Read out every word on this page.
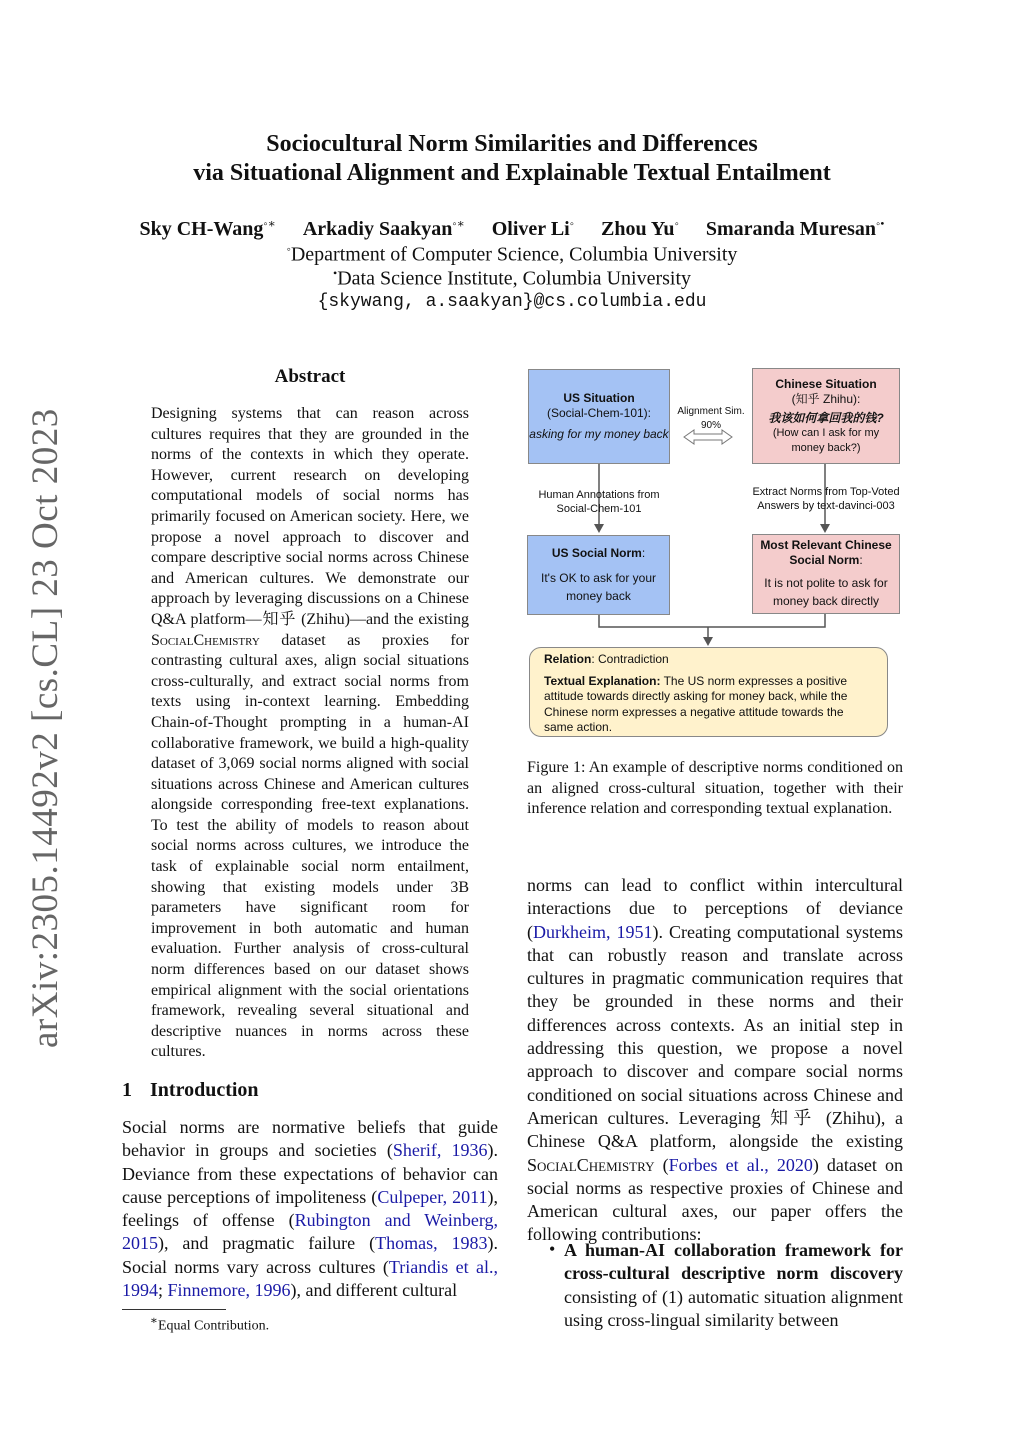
Sociocultural Norm Similarities and Differences
via Situational Alignment and Explainable Textual Entailment
Sky CH-Wang◦∗ Arkadiy Saakyan◦∗ Oliver Li◦ Zhou Yu◦ Smaranda Muresan◦•
◦Department of Computer Science, Columbia University
•Data Science Institute, Columbia University
{skywang, a.saakyan}@cs.columbia.edu
arXiv:2305.14492v2 [cs.CL] 23 Oct 2023
Abstract
Designing systems that can reason across cultures requires that they are grounded in the norms of the contexts in which they operate. However, current research on developing computational models of social norms has primarily focused on American society. Here, we propose a novel approach to discover and compare descriptive social norms across Chinese and American cultures. We demonstrate our approach by leveraging discussions on a Chinese Q&A platform—知乎 (Zhihu)—and the existing SocialChemistry dataset as proxies for contrasting cultural axes, align social situations cross-culturally, and extract social norms from texts using in-context learning. Embedding Chain-of-Thought prompting in a human-AI collaborative framework, we build a high-quality dataset of 3,069 social norms aligned with social situations across Chinese and American cultures alongside corresponding free-text explanations. To test the ability of models to reason about social norms across cultures, we introduce the task of explainable social norm entailment, showing that existing models under 3B parameters have significant room for improvement in both automatic and human evaluation. Further analysis of cross-cultural norm differences based on our dataset shows empirical alignment with the social orientations framework, revealing several situational and descriptive nuances in norms across these cultures.
1 Introduction
Social norms are normative beliefs that guide behavior in groups and societies (Sherif, 1936). Deviance from these expectations of behavior can cause perceptions of impoliteness (Culpeper, 2011), feelings of offense (Rubington and Weinberg, 2015), and pragmatic failure (Thomas, 1983). Social norms vary across cultures (Triandis et al., 1994; Finnemore, 1996), and different cultural
∗Equal Contribution.
US Situation
(Social-Chem-101):
asking for my money back
Alignment Sim.
90%
Chinese Situation
(知乎 Zhihu):
我该如何拿回我的钱?
(How can I ask for my money back?)
Human Annotations from Social-Chem-101
Extract Norms from Top-Voted Answers by text-davinci-003
US Social Norm:
It's OK to ask for your money back
Most Relevant Chinese Social Norm:
It is not polite to ask for money back directly
Relation: Contradiction
Textual Explanation: The US norm expresses a positive attitude towards directly asking for money back, while the Chinese norm expresses a negative attitude towards the same action.
Figure 1: An example of descriptive norms conditioned on an aligned cross-cultural situation, together with their inference relation and corresponding textual explanation.
norms can lead to conflict within intercultural interactions due to perceptions of deviance (Durkheim, 1951). Creating computational systems that can robustly reason and translate across cultures in pragmatic communication requires that they be grounded in these norms and their differences across contexts. As an initial step in addressing this question, we propose a novel approach to discover and compare social norms conditioned on social situations across Chinese and American cultures. Leveraging 知乎 (Zhihu), a Chinese Q&A platform, alongside the existing SocialChemistry (Forbes et al., 2020) dataset on social norms as respective proxies of Chinese and American cultural axes, our paper offers the following contributions:
• A human-AI collaboration framework for cross-cultural descriptive norm discovery consisting of (1) automatic situation alignment using cross-lingual similarity between
